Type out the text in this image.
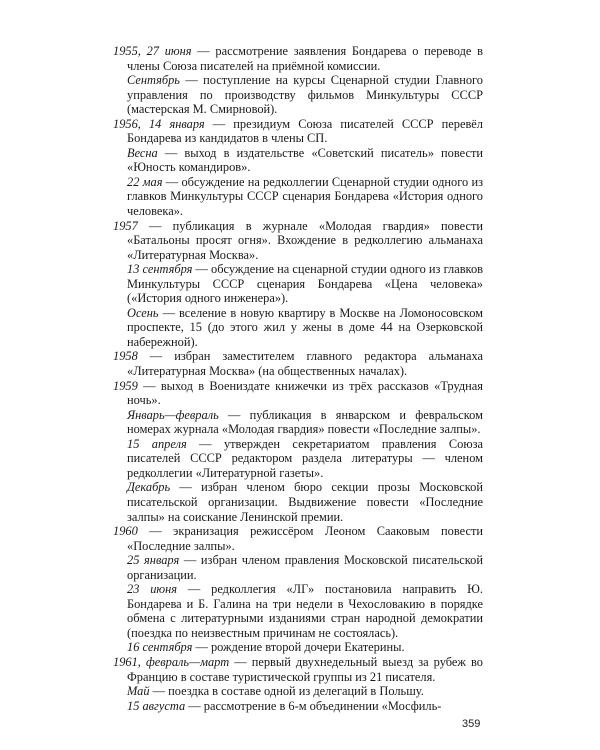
1955, 27 июня — рассмотрение заявления Бондарева о переводе в члены Союза писателей на приёмной комиссии.

Сентябрь — поступление на курсы Сценарной студии Главного управления по производству фильмов Минкультуры СССР (мастерская М. Смирновой).

1956, 14 января — президиум Союза писателей СССР перевёл Бондарева из кандидатов в члены СП.

Весна — выход в издательстве «Советский писатель» повести «Юность командиров».

22 мая — обсуждение на редколлегии Сценарной студии одного из главков Минкультуры СССР сценария Бондарева «История одного человека».

1957 — публикация в журнале «Молодая гвардия» повести «Батальоны просят огня». Вхождение в редколлегию альманаха «Литературная Москва».

13 сентября — обсуждение на сценарной студии одного из главков Минкультуры СССР сценария Бондарева «Цена человека» («История одного инженера»).

Осень — вселение в новую квартиру в Москве на Ломоносовском проспекте, 15 (до этого жил у жены в доме 44 на Озерковской набережной).

1958 — избран заместителем главного редактора альманаха «Литературная Москва» (на общественных началах).

1959 — выход в Воениздате книжечки из трёх рассказов «Трудная ночь».

Январь—февраль — публикация в январском и февральском номерах журнала «Молодая гвардия» повести «Последние залпы».

15 апреля — утвержден секретариатом правления Союза писателей СССР редактором раздела литературы — членом редколлегии «Литературной газеты».

Декабрь — избран членом бюро секции прозы Московской писательской организации. Выдвижение повести «Последние залпы» на соискание Ленинской премии.

1960 — экранизация режиссёром Леоном Сааковым повести «Последние залпы».

25 января — избран членом правления Московской писательской организации.

23 июня — редколлегия «ЛГ» постановила направить Ю. Бондарева и Б. Галина на три недели в Чехословакию в порядке обмена с литературными изданиями стран народной демократии (поездка по неизвестным причинам не состоялась).

16 сентября — рождение второй дочери Екатерины.

1961, февраль—март — первый двухнедельный выезд за рубеж во Францию в составе туристической группы из 21 писателя.

Май — поездка в составе одной из делегаций в Польшу.

15 августа — рассмотрение в 6-м объединении «Мосфиль-

359
